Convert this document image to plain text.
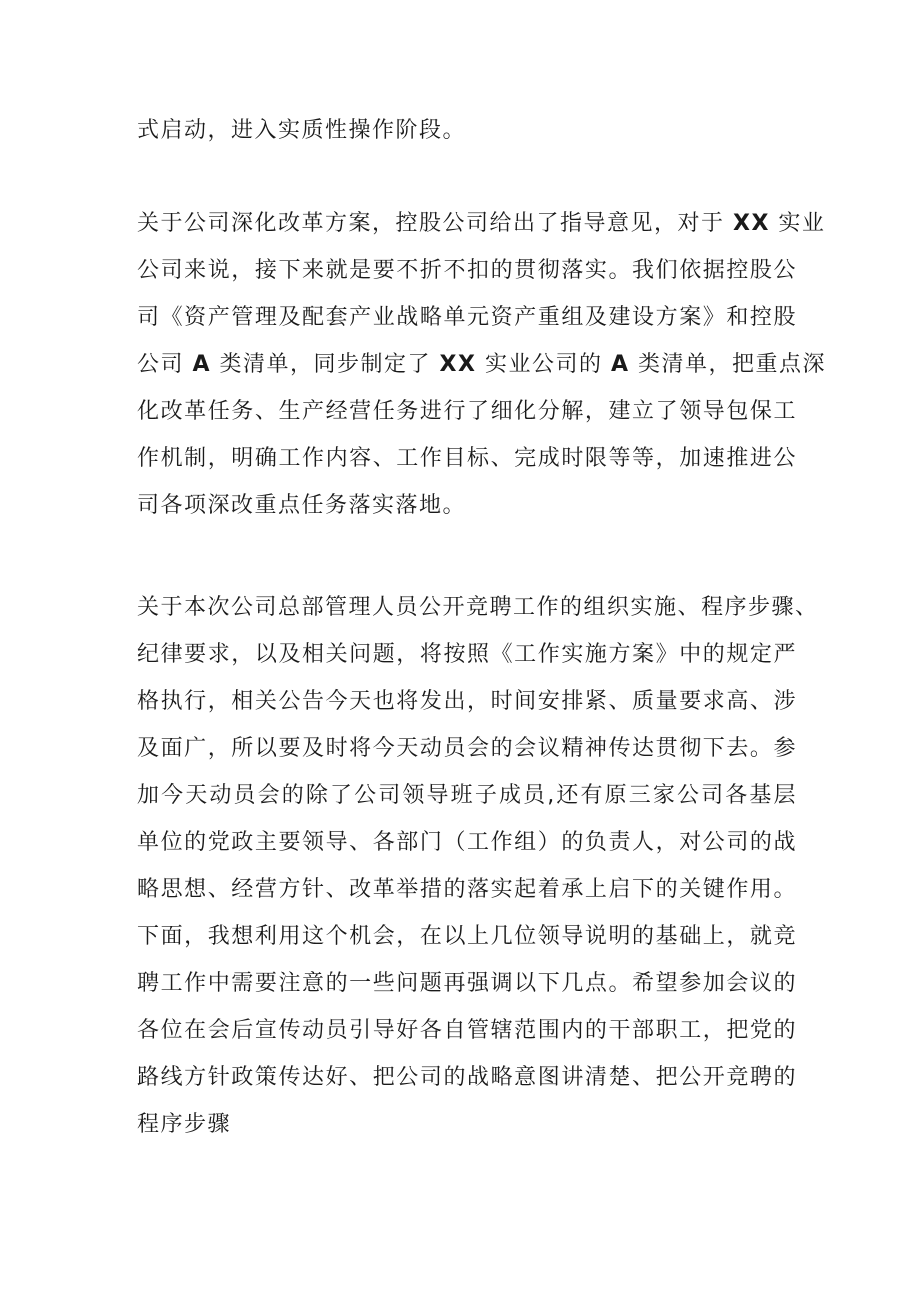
式启动，进入实质性操作阶段。
关于公司深化改革方案，控股公司给出了指导意见，对于 XX 实业
公司来说，接下来就是要不折不扣的贯彻落实。我们依据控股公
司《资产管理及配套产业战略单元资产重组及建设方案》和控股
公司 A 类清单，同步制定了 XX 实业公司的 A 类清单，把重点深
化改革任务、生产经营任务进行了细化分解，建立了领导包保工
作机制，明确工作内容、工作目标、完成时限等等，加速推进公
司各项深改重点任务落实落地。
关于本次公司总部管理人员公开竞聘工作的组织实施、程序步骤、
纪律要求，以及相关问题，将按照《工作实施方案》中的规定严
格执行，相关公告今天也将发出，时间安排紧、质量要求高、涉
及面广，所以要及时将今天动员会的会议精神传达贯彻下去。参
加今天动员会的除了公司领导班子成员,还有原三家公司各基层
单位的党政主要领导、各部门（工作组）的负责人，对公司的战
略思想、经营方针、改革举措的落实起着承上启下的关键作用。
下面，我想利用这个机会，在以上几位领导说明的基础上，就竞
聘工作中需要注意的一些问题再强调以下几点。希望参加会议的
各位在会后宣传动员引导好各自管辖范围内的干部职工，把党的
路线方针政策传达好、把公司的战略意图讲清楚、把公开竞聘的
程序步骤
